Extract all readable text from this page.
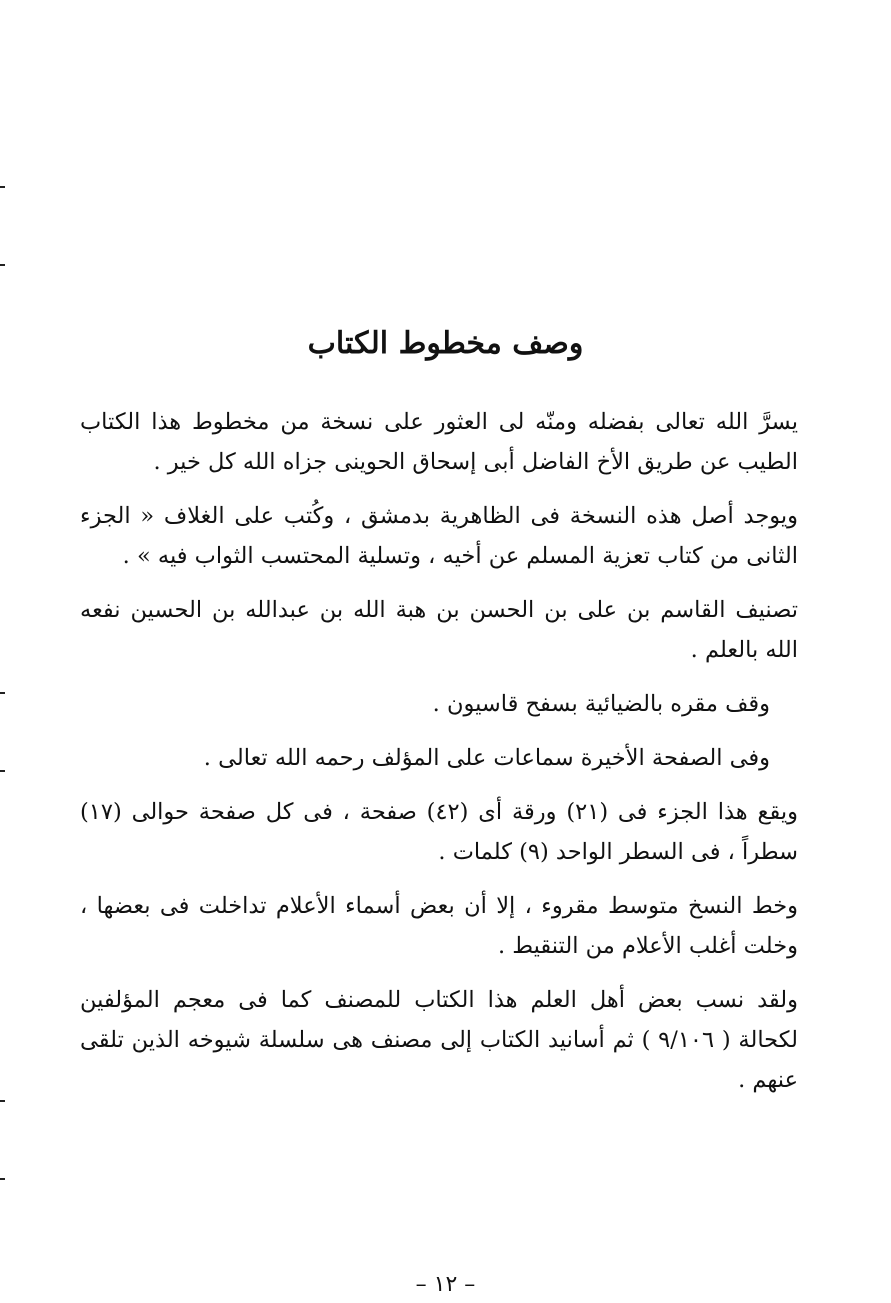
وصف مخطوط الكتاب

يسرَّ الله تعالى بفضله ومنّه لى العثور على نسخة من مخطوط هذا الكتاب الطيب عن طريق الأخ الفاضل أبى إسحاق الحوينى جزاه الله كل خير .

ويوجد أصل هذه النسخة فى الظاهرية بدمشق ، وكُتب على الغلاف « الجزء الثانى من كتاب تعزية المسلم عن أخيه ، وتسلية المحتسب الثواب فيه » .

تصنيف القاسم بن على بن الحسن بن هبة الله بن عبدالله بن الحسين نفعه الله بالعلم .

وقف مقره بالضيائية بسفح قاسيون .

وفى الصفحة الأخيرة سماعات على المؤلف رحمه الله تعالى .

ويقع هذا الجزء فى (٢١) ورقة أى (٤٢) صفحة ، فى كل صفحة حوالى (١٧) سطراً ، فى السطر الواحد (٩) كلمات .

وخط النسخ متوسط مقروء ، إلا أن بعض أسماء الأعلام تداخلت فى بعضها ، وخلت أغلب الأعلام من التنقيط .

ولقد نسب بعض أهل العلم هذا الكتاب للمصنف كما فى معجم المؤلفين لكحالة ( ٩/١٠٦ ) ثم أسانيد الكتاب إلى مصنف هى سلسلة شيوخه الذين تلقى عنهم .

– ١٢ –
